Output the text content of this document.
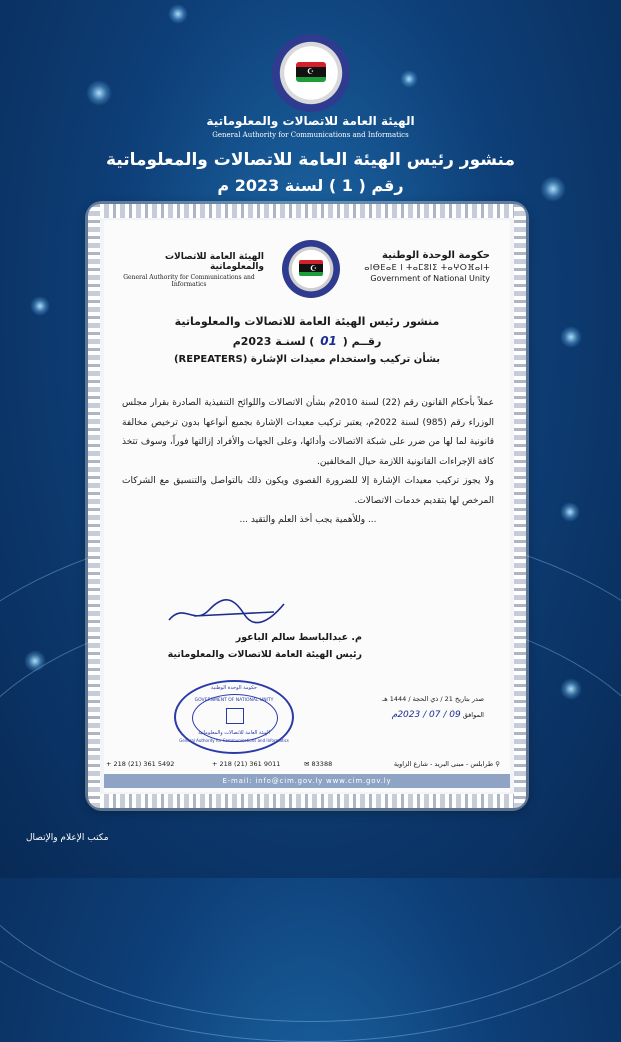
☪
الهيئة العامة للاتصالات والمعلوماتية
General Authority for Communications and Informatics
منشور رئيس الهيئة العامة للاتصالات والمعلوماتية
رقم ( 1 ) لسنة 2023 م
حكومة الوحدة الوطنية
ⴰⵏⴱⴹⴰⴹ ⵏ ⵜⴰⵎⵓⵏⵉ ⵜⴰⵖⵔⴼⴰⵏⵜ
Government of National Unity
☪
الهيئة العامة للاتصالات والمعلوماتية
General Authority for Communications and Informatics
منشور رئيس الهيئة العامة للاتصالات والمعلوماتية
رقــم ( 01 ) لسنـة 2023م
بشأن تركيب واستخدام معيدات الإشارة (REPEATERS)

عملاً بأحكام القانون رقم (22) لسنة 2010م بشأن الاتصالات واللوائح التنفيذية الصادرة بقرار مجلس الوزراء رقم (985) لسنة 2022م، يعتبر تركيب معيدات الإشارة بجميع أنواعها بدون ترخيص مخالفة قانونية لما لها من ضرر على شبكة الاتصالات وأدائها، وعلى الجهات والأفراد إزالتها فوراً، وسوف تتخذ كافة الإجراءات القانونية اللازمة حيال المخالفين.

ولا يجوز تركيب معيدات الإشارة إلا للضرورة القصوى ويكون ذلك بالتواصل والتنسيق مع الشركات المرخص لها بتقديم خدمات الاتصالات.

... وللأهمية يجب أخذ العلم والتقيد ...

م. عبدالباسط سالم الباعور
رئيس الهيئة العامة للاتصالات والمعلوماتية
حكومة الوحدة الوطنية
GOVERNMENT OF NATIONAL UNITY
الهيئة العامة للاتصالات والمعلوماتية
General Authority for Communications and Informatics
صدر بتاريخ 21 / ذي الحجة / 1444 هـ
الموافق 09 / 07 / 2023م
⚲ طرابلس - مبنى البريد - شارع الزاوية
+ 218 (21) 361 5492	+ 218 (21) 361 9011	✉ 83388
E-mail: info@cim.gov.ly www.cim.gov.ly
مكتب الإعلام والإتصال
